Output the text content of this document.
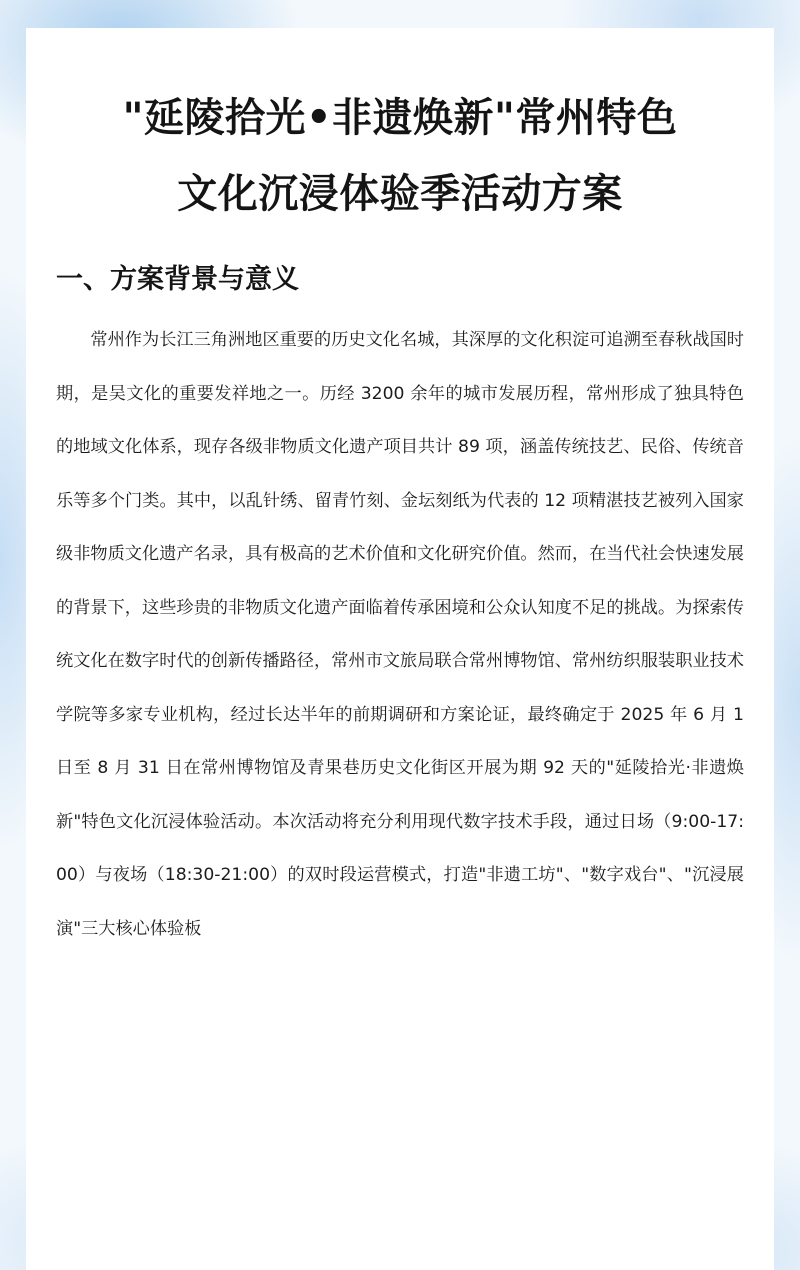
"延陵拾光•非遗焕新"常州特色
文化沉浸体验季活动方案
一、方案背景与意义

常州作为长江三角洲地区重要的历史文化名城，其深厚的文化积淀可追溯至春秋战国时期，是吴文化的重要发祥地之一。历经 3200 余年的城市发展历程，常州形成了独具特色的地域文化体系，现存各级非物质文化遗产项目共计 89 项，涵盖传统技艺、民俗、传统音乐等多个门类。其中，以乱针绣、留青竹刻、金坛刻纸为代表的 12 项精湛技艺被列入国家级非物质文化遗产名录，具有极高的艺术价值和文化研究价值。然而，在当代社会快速发展的背景下，这些珍贵的非物质文化遗产面临着传承困境和公众认知度不足的挑战。为探索传统文化在数字时代的创新传播路径，常州市文旅局联合常州博物馆、常州纺织服装职业技术学院等多家专业机构，经过长达半年的前期调研和方案论证，最终确定于 2025 年 6 月 1 日至 8 月 31 日在常州博物馆及青果巷历史文化街区开展为期 92 天的"延陵拾光·非遗焕新"特色文化沉浸体验活动。本次活动将充分利用现代数字技术手段，通过日场（9:00-17:00）与夜场（18:30-21:00）的双时段运营模式，打造"非遗工坊"、"数字戏台"、"沉浸展演"三大核心体验板
